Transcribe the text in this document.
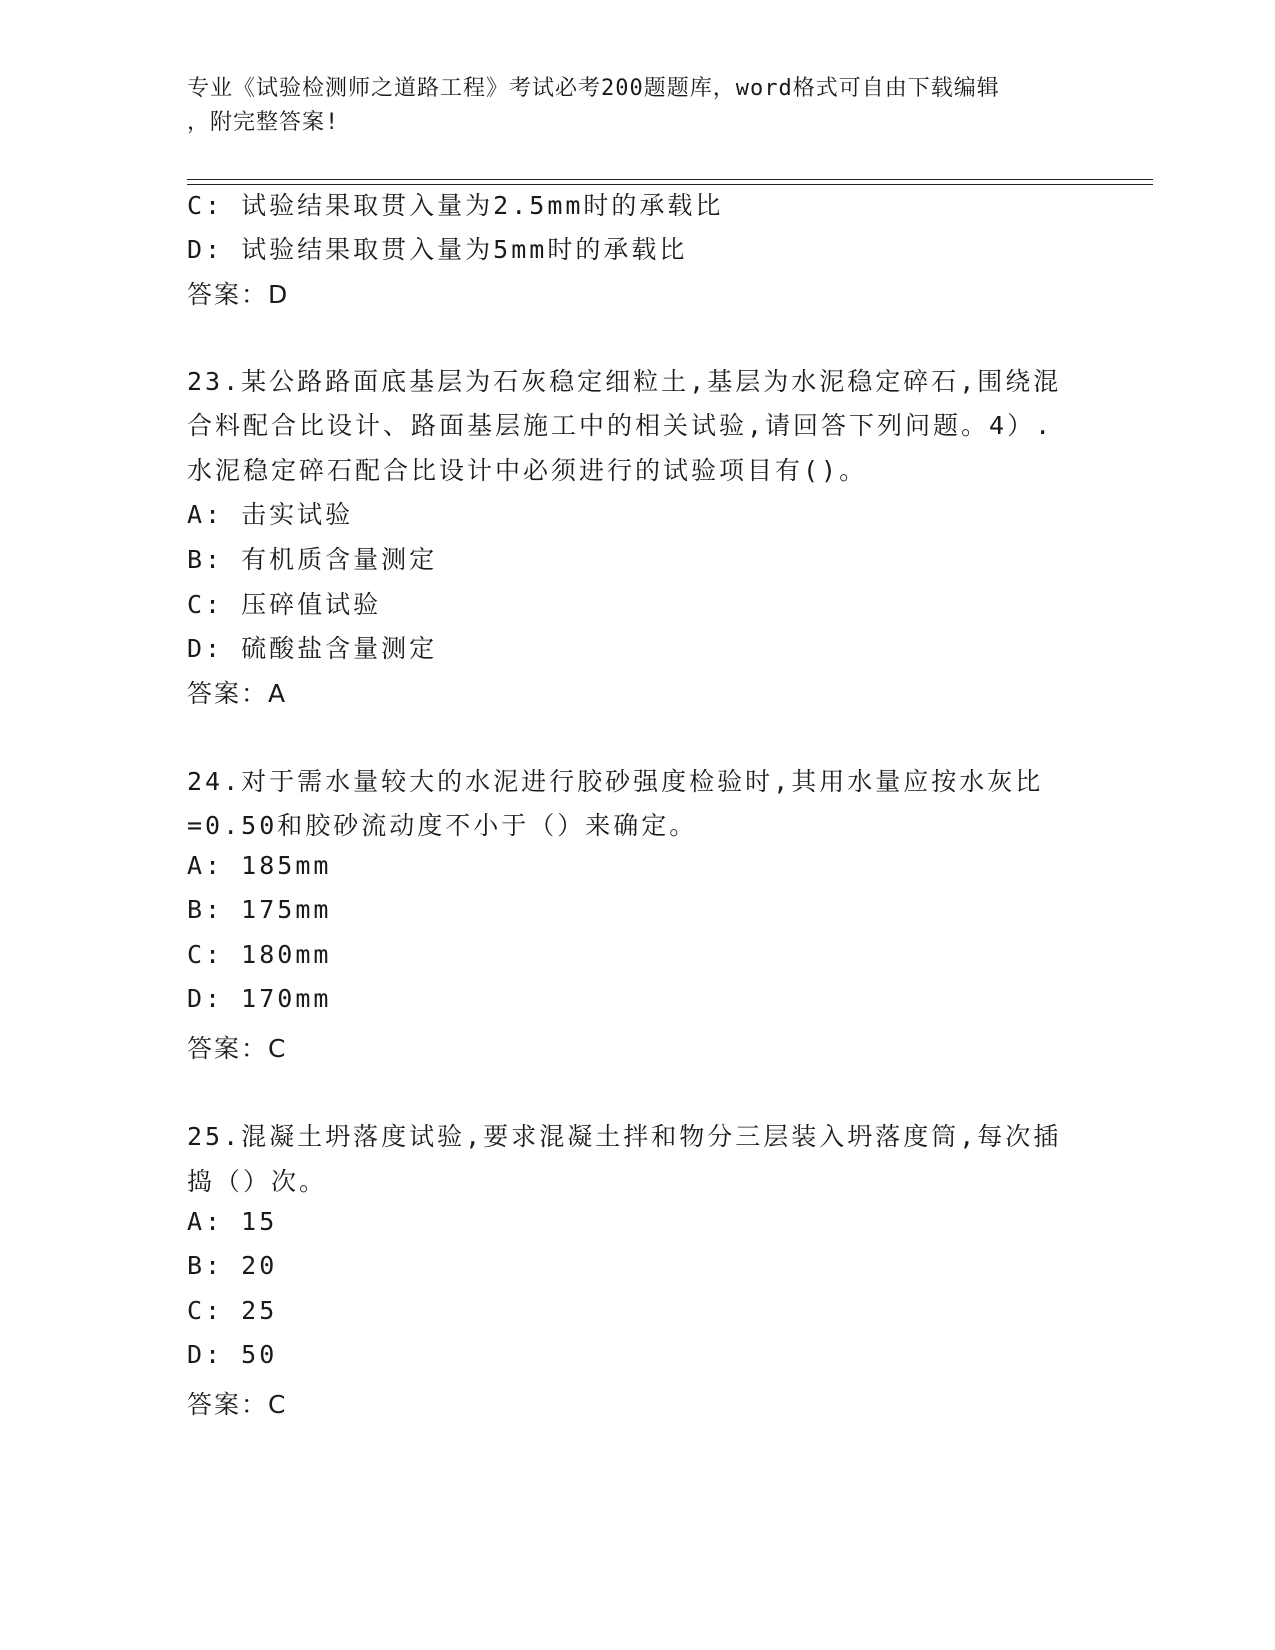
专业《试验检测师之道路工程》考试必考200题题库，word格式可自由下载编辑
，附完整答案!
C: 试验结果取贯入量为2.5mm时的承载比
D: 试验结果取贯入量为5mm时的承载比
答案：D
23.某公路路面底基层为石灰稳定细粒土,基层为水泥稳定碎石,围绕混
合料配合比设计、路面基层施工中的相关试验,请回答下列问题。4）.
水泥稳定碎石配合比设计中必须进行的试验项目有()。
A: 击实试验
B: 有机质含量测定
C: 压碎值试验
D: 硫酸盐含量测定
答案：A
24.对于需水量较大的水泥进行胶砂强度检验时,其用水量应按水灰比
=0.50和胶砂流动度不小于（）来确定。
A: 185mm
B: 175mm
C: 180mm
D: 170mm
答案：C
25.混凝土坍落度试验,要求混凝土拌和物分三层装入坍落度筒,每次插
捣（）次。
A: 15
B: 20
C: 25
D: 50
答案：C
